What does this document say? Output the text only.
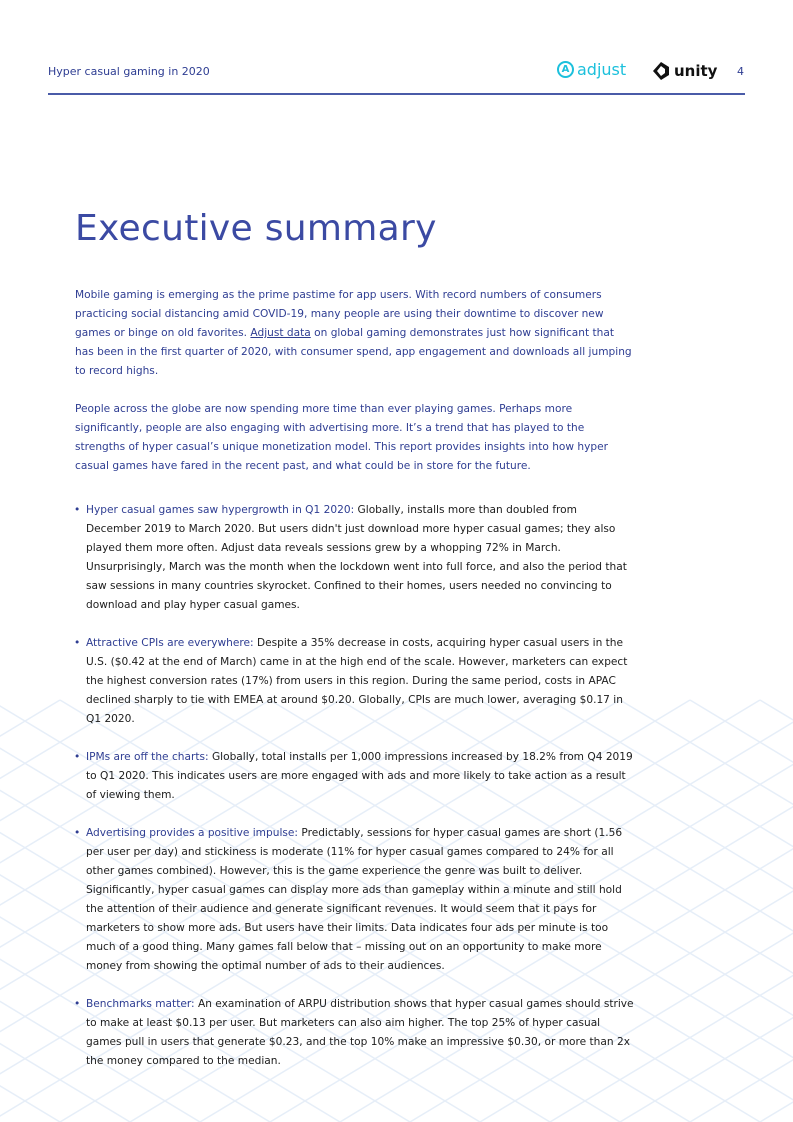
Hyper casual gaming in 2020	A adjust	unity 4
Executive summary

Mobile gaming is emerging as the prime pastime for app users. With record numbers of consumers practicing social distancing amid COVID-19, many people are using their downtime to discover new games or binge on old favorites. Adjust data on global gaming demonstrates just how significant that has been in the first quarter of 2020, with consumer spend, app engagement and downloads all jumping to record highs.

People across the globe are now spending more time than ever playing games. Perhaps more significantly, people are also engaging with advertising more. It’s a trend that has played to the strengths of hyper casual’s unique monetization model. This report provides insights into how hyper casual games have fared in the recent past, and what could be in store for the future.

• Hyper casual games saw hypergrowth in Q1 2020: Globally, installs more than doubled from December 2019 to March 2020. But users didn't just download more hyper casual games; they also played them more often. Adjust data reveals sessions grew by a whopping 72% in March. Unsurprisingly, March was the month when the lockdown went into full force, and also the period that saw sessions in many countries skyrocket. Confined to their homes, users needed no convincing to download and play hyper casual games.
• Attractive CPIs are everywhere: Despite a 35% decrease in costs, acquiring hyper casual users in the U.S. ($0.42 at the end of March) came in at the high end of the scale. However, marketers can expect the highest conversion rates (17%) from users in this region. During the same period, costs in APAC declined sharply to tie with EMEA at around $0.20. Globally, CPIs are much lower, averaging $0.17 in Q1 2020.
• IPMs are off the charts: Globally, total installs per 1,000 impressions increased by 18.2% from Q4 2019 to Q1 2020. This indicates users are more engaged with ads and more likely to take action as a result of viewing them.
• Advertising provides a positive impulse: Predictably, sessions for hyper casual games are short (1.56 per user per day) and stickiness is moderate (11% for hyper casual games compared to 24% for all other games combined). However, this is the game experience the genre was built to deliver. Significantly, hyper casual games can display more ads than gameplay within a minute and still hold the attention of their audience and generate significant revenues. It would seem that it pays for marketers to show more ads. But users have their limits. Data indicates four ads per minute is too much of a good thing. Many games fall below that – missing out on an opportunity to make more money from showing the optimal number of ads to their audiences.
• Benchmarks matter: An examination of ARPU distribution shows that hyper casual games should strive to make at least $0.13 per user. But marketers can also aim higher. The top 25% of hyper casual games pull in users that generate $0.23, and the top 10% make an impressive $0.30, or more than 2x the money compared to the median.
